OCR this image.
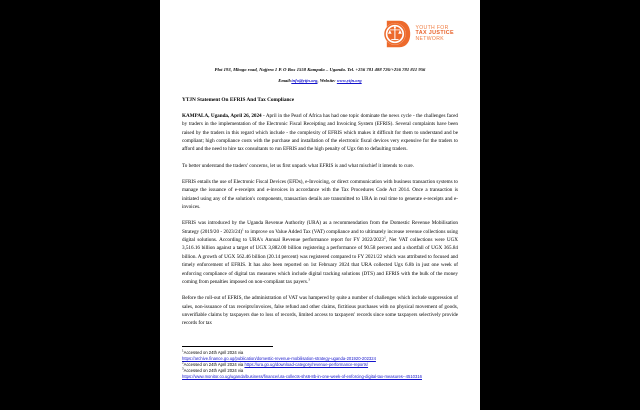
YOUTH FOR
TAX JUSTICE
NETWORK
Plot 193, Mbogo road, Najjera 1 P. O Box 1558 Kampala – Uganda. Tel. +256 781 488 726/+256 781 811 956
Email:info@ytjn.org, Website: www.ytjn.org
YTJN Statement On EFRIS And Tax Compliance

KAMPALA, Uganda, April 26, 2024 - April in the Pearl of Africa has had one topic dominate the news cycle - the challenges faced by traders in the implementation of the Electronic Fiscal Receipting and Invoicing System (EFRIS). Several complaints have been raised by the traders in this regard which include - the complexity of EFRIS which makes it difficult for them to understand and be compliant; high compliance costs with the purchase and installation of the electronic fiscal devices very expensive for the traders to afford and the need to hire tax consultants to run EFRIS and the high penalty of Ugx 6m to defaulting traders.

To better understand the traders' concerns, let us first unpack what EFRIS is and what mischief it intends to cure.

EFRIS entails the use of Electronic Fiscal Devices (EFDs), e-Invoicing, or direct communication with business transaction systems to manage the issuance of e-receipts and e-invoices in accordance with the Tax Procedures Code Act 2014. Once a transaction is initiated using any of the solution's components, transaction details are transmitted to URA in real time to generate e-receipts and e-invoices.

EFRIS was introduced by the Uganda Revenue Authority (URA) as a recommendation from the Domestic Revenue Mobilisation Strategy (2019/20 - 2023/24)$^1$ to improve on Value Added Tax (VAT) compliance and to ultimately increase revenue collections using digital solutions. According to URA's Annual Revenue performance report for FY 2022/2023$^2$, Net VAT collections were UGX 3,516.16 billion against a target of UGX 3,882.00 billion registering a performance of 90.58 percent and a shortfall of UGX 365.84 billion. A growth of UGX 562.46 billion (20.14 percent) was registered compared to FY 2021/22 which was attributed to focused and timely enforcement of EFRIS. It has also been reported on 1st February 2024 that URA collected Ugx 6.8b in just one week of enforcing compliance of digital tax measures which include digital tracking solutions (DTS) and EFRIS with the bulk of the money coming from penalties imposed on non-compliant tax payers.$^3$

Before the roll-out of EFRIS, the administration of VAT was hampered by quite a number of challenges which include suppression of sales, non-issuance of tax receipts/invoices, false refund and other claims, fictitious purchases with no physical movement of goods, unverifiable claims by taxpayers due to loss of records, limited access to taxpayers' records since some taxpayers selectively provide records for tax

$^1$Accessed on 24th April 2024 via
https://archive.finance.go.ug/publication/domestic-revenue-mobilisation-strategy-uganda-201920-202324
$^2$Accessed on 24th April 2024 via https://ura.go.ug/download-category/revenue-performance-reports/
$^3$Accessed on 24th April 2024 via
https://www.monitor.co.ug/uganda/business/finance/ura-collects-shs6-8b-in-one-week-of-enforcing-digital-tax-measures--4510316
